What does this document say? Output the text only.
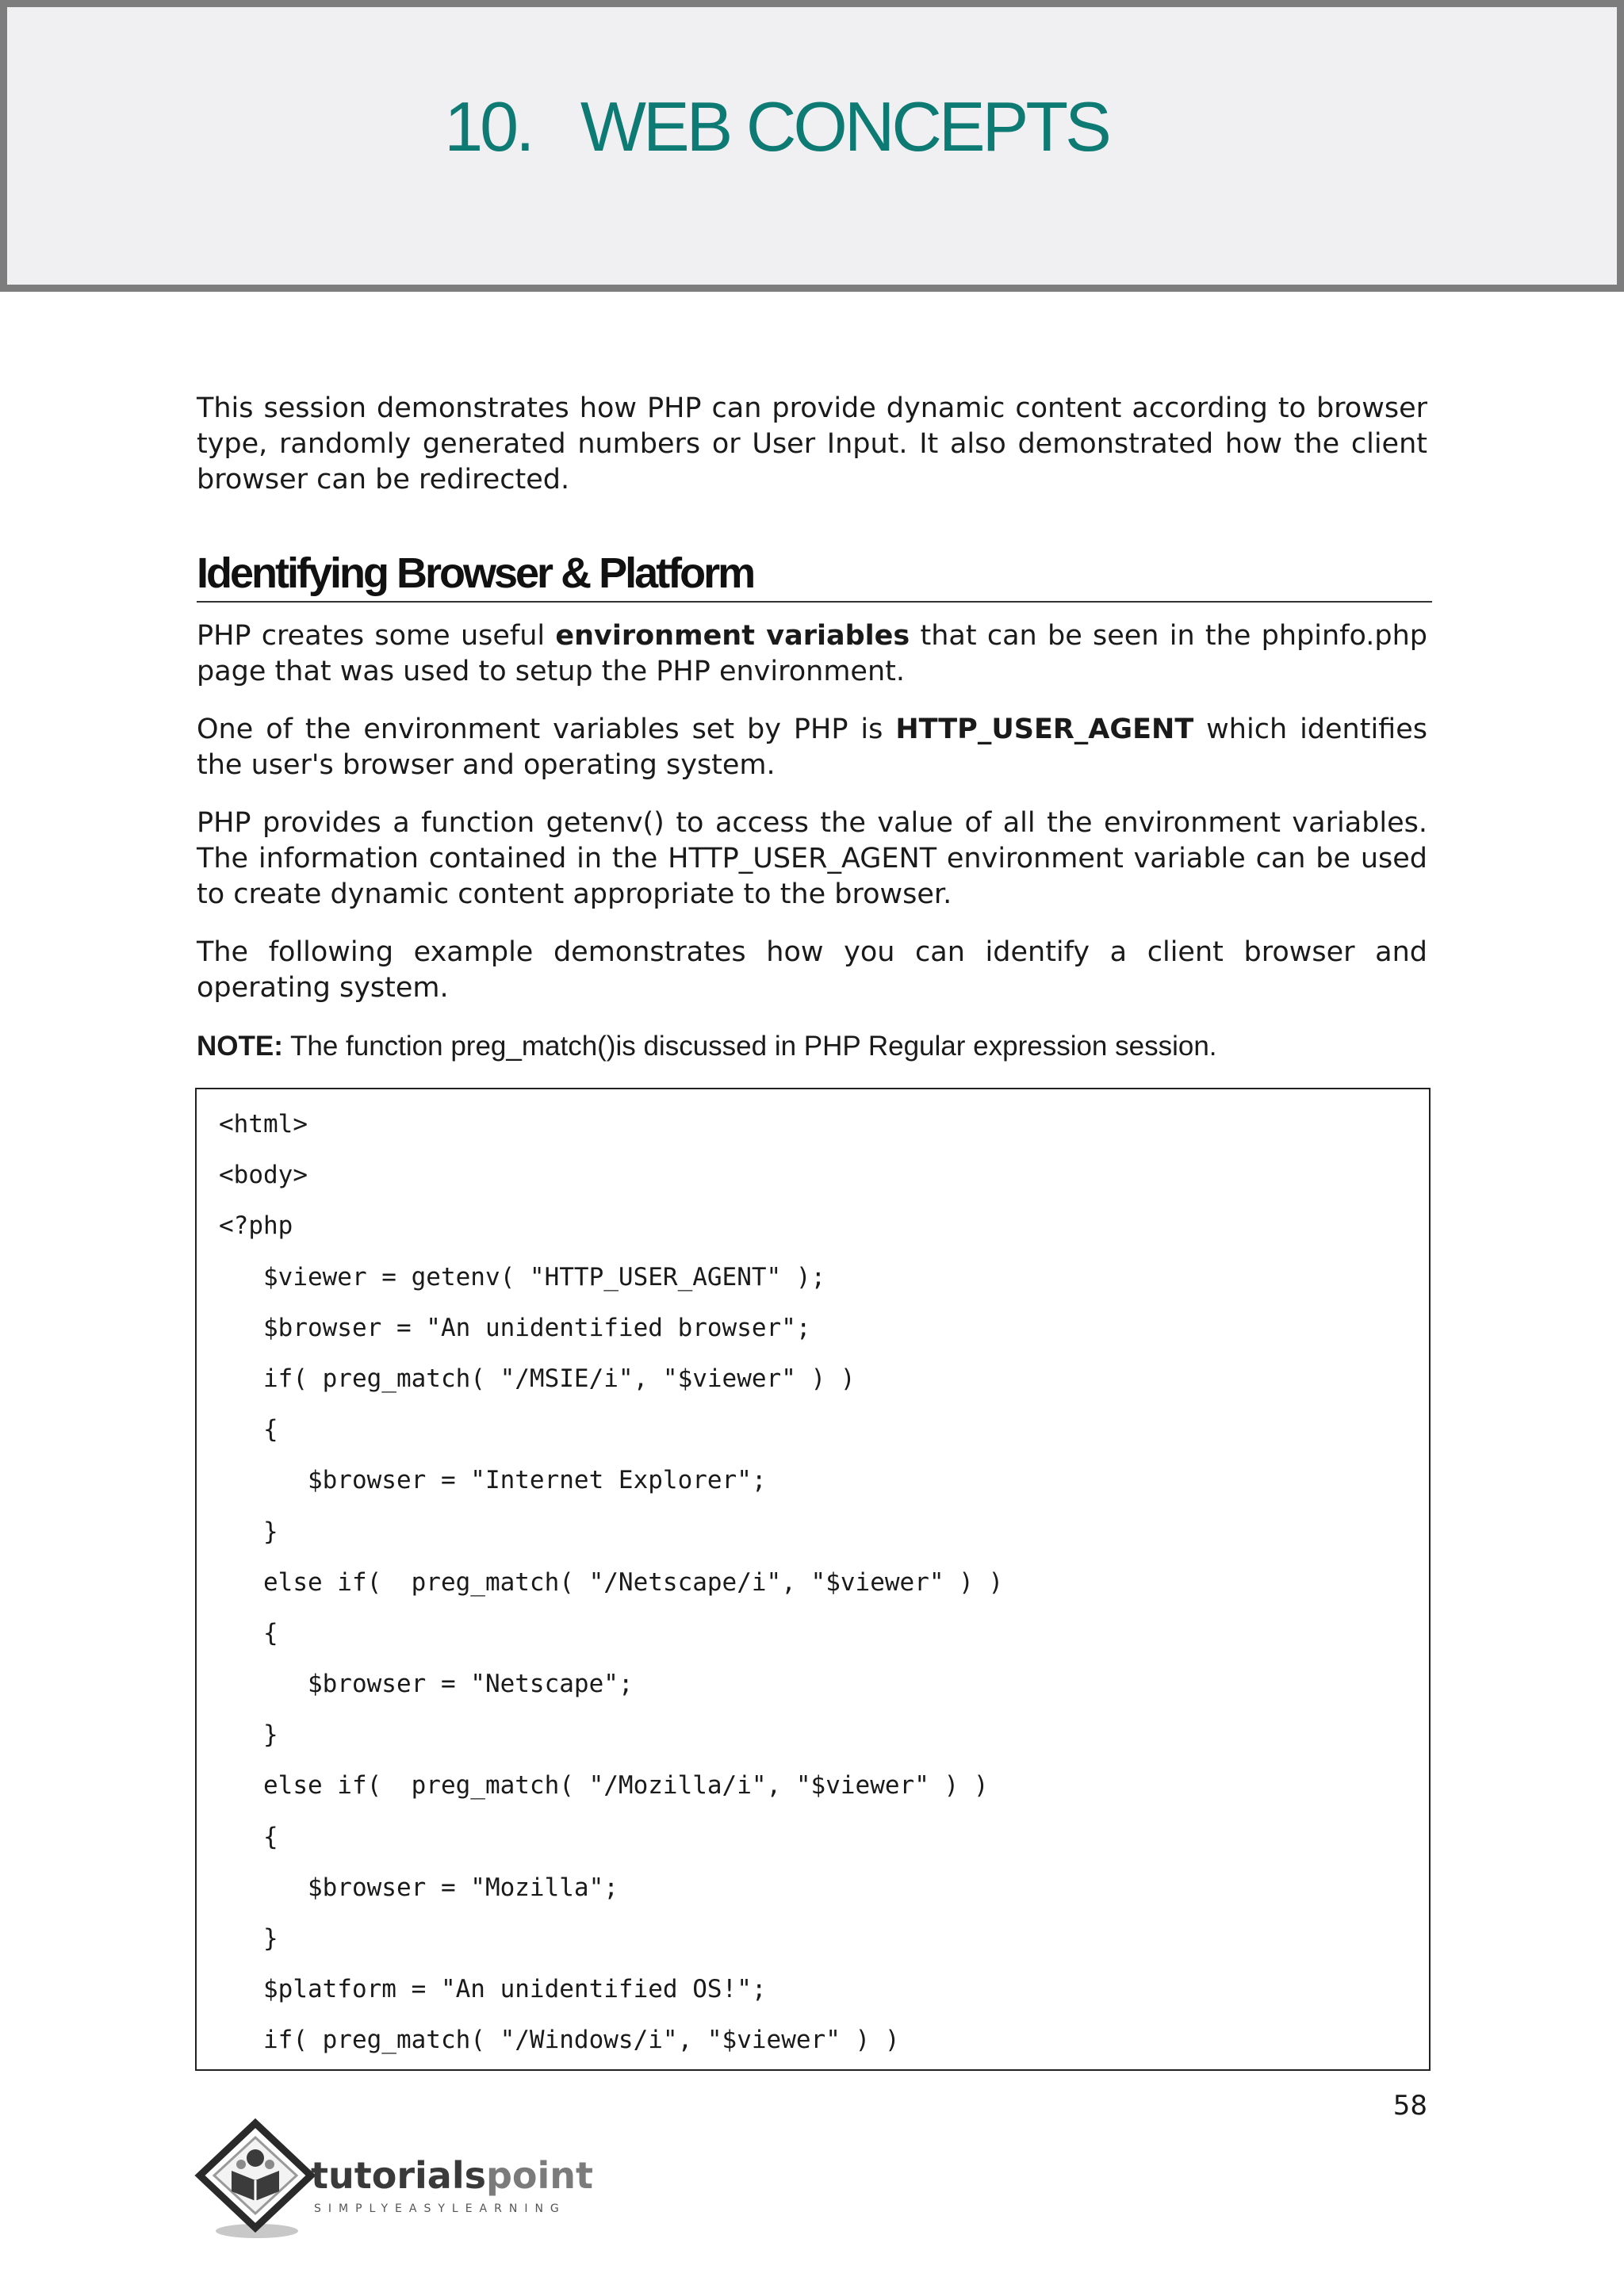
10. WEB CONCEPTS

This session demonstrates how PHP can provide dynamic content according to browser type, randomly generated numbers or User Input. It also demonstrated how the client browser can be redirected.

Identifying Browser & Platform

PHP creates some useful environment variables that can be seen in the phpinfo.php page that was used to setup the PHP environment.

One of the environment variables set by PHP is HTTP_USER_AGENT which identifies the user's browser and operating system.

PHP provides a function getenv() to access the value of all the environment variables. The information contained in the HTTP_USER_AGENT environment variable can be used to create dynamic content appropriate to the browser.

The following example demonstrates how you can identify a client browser and operating system.

NOTE: The function preg_match()is discussed in PHP Regular expression session.

<html>
<body>
<?php
$viewer = getenv( "HTTP_USER_AGENT" );
$browser = "An unidentified browser";
if( preg_match( "/MSIE/i", "$viewer" ) )
{
$browser = "Internet Explorer";
}
else if(  preg_match( "/Netscape/i", "$viewer" ) )
{
$browser = "Netscape";
}
else if(  preg_match( "/Mozilla/i", "$viewer" ) )
{
$browser = "Mozilla";
}
$platform = "An unidentified OS!";
if( preg_match( "/Windows/i", "$viewer" ) )
58
tutorialspoint
SIMPLYEASYLEARNING
